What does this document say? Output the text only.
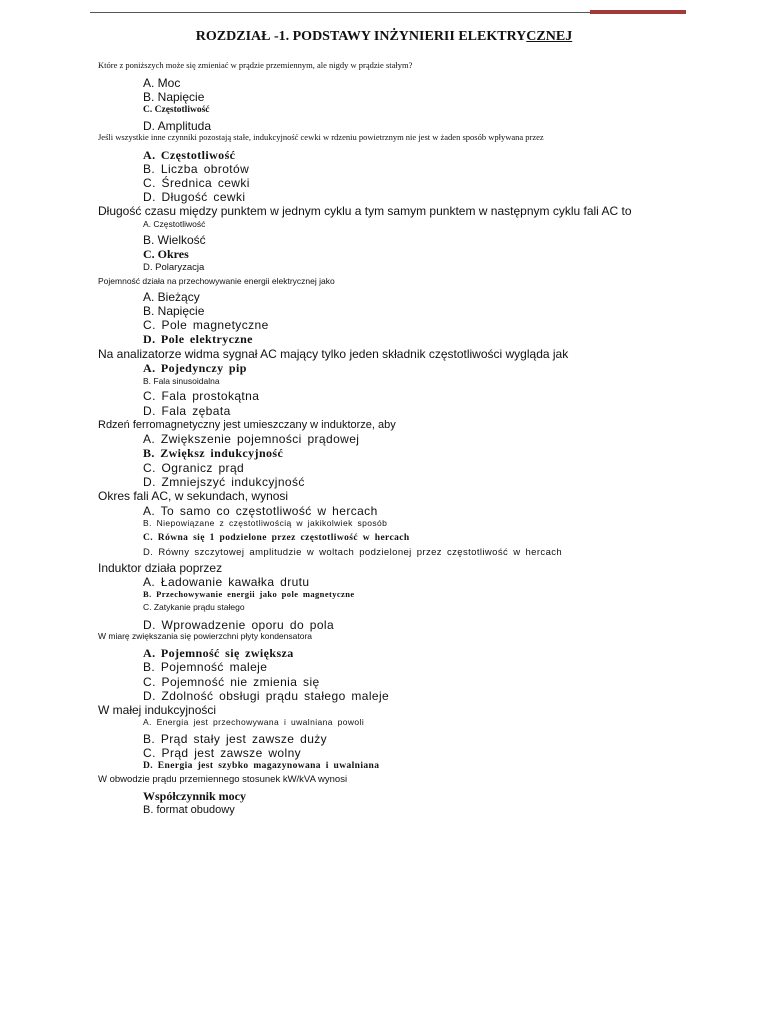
ROZDZIAŁ -1. PODSTAWY INŻYNIERII ELEKTRYCZNEJ
Które z poniższych może się zmieniać w prądzie przemiennym, ale nigdy w prądzie stałym?
A. Moc
B. Napięcie
C. Częstotliwość
D. Amplituda
Jeśli wszystkie inne czynniki pozostają stałe, indukcyjność cewki w rdzeniu powietrznym nie jest w żaden sposób wpływana przez
A. Częstotliwość
B. Liczba obrotów
C. Średnica cewki
D. Długość cewki
Długość czasu między punktem w jednym cyklu a tym samym punktem w następnym cyklu fali AC to
A. Częstotliwość
B. Wielkość
C. Okres
D. Polaryzacja
Pojemność działa na przechowywanie energii elektrycznej jako
A. Bieżący
B. Napięcie
C. Pole magnetyczne
D. Pole elektryczne
Na analizatorze widma sygnał AC mający tylko jeden składnik częstotliwości wygląda jak
A. Pojedynczy pip
B. Fala sinusoidalna
C. Fala prostokątna
D. Fala zębata
Rdzeń ferromagnetyczny jest umieszczany w induktorze, aby
A. Zwiększenie pojemności prądowej
B. Zwiększ indukcyjność
C. Ogranicz prąd
D. Zmniejszyć indukcyjność
Okres fali AC, w sekundach, wynosi
A. To samo co częstotliwość w hercach
B. Niepowiązane z częstotliwością w jakikolwiek sposób
C. Równa się 1 podzielone przez częstotliwość w hercach
D. Równy szczytowej amplitudzie w woltach podzielonej przez częstotliwość w hercach
Induktor działa poprzez
A. Ładowanie kawałka drutu
B. Przechowywanie energii jako pole magnetyczne
C. Zatykanie prądu stałego
D. Wprowadzenie oporu do pola
W miarę zwiększania się powierzchni płyty kondensatora
A. Pojemność się zwiększa
B. Pojemność maleje
C. Pojemność nie zmienia się
D. Zdolność obsługi prądu stałego maleje
W małej indukcyjności
A. Energia jest przechowywana i uwalniana powoli
B. Prąd stały jest zawsze duży
C. Prąd jest zawsze wolny
D. Energia jest szybko magazynowana i uwalniana
W obwodzie prądu przemiennego stosunek kW/kVA wynosi
Współczynnik mocy
B. format obudowy
